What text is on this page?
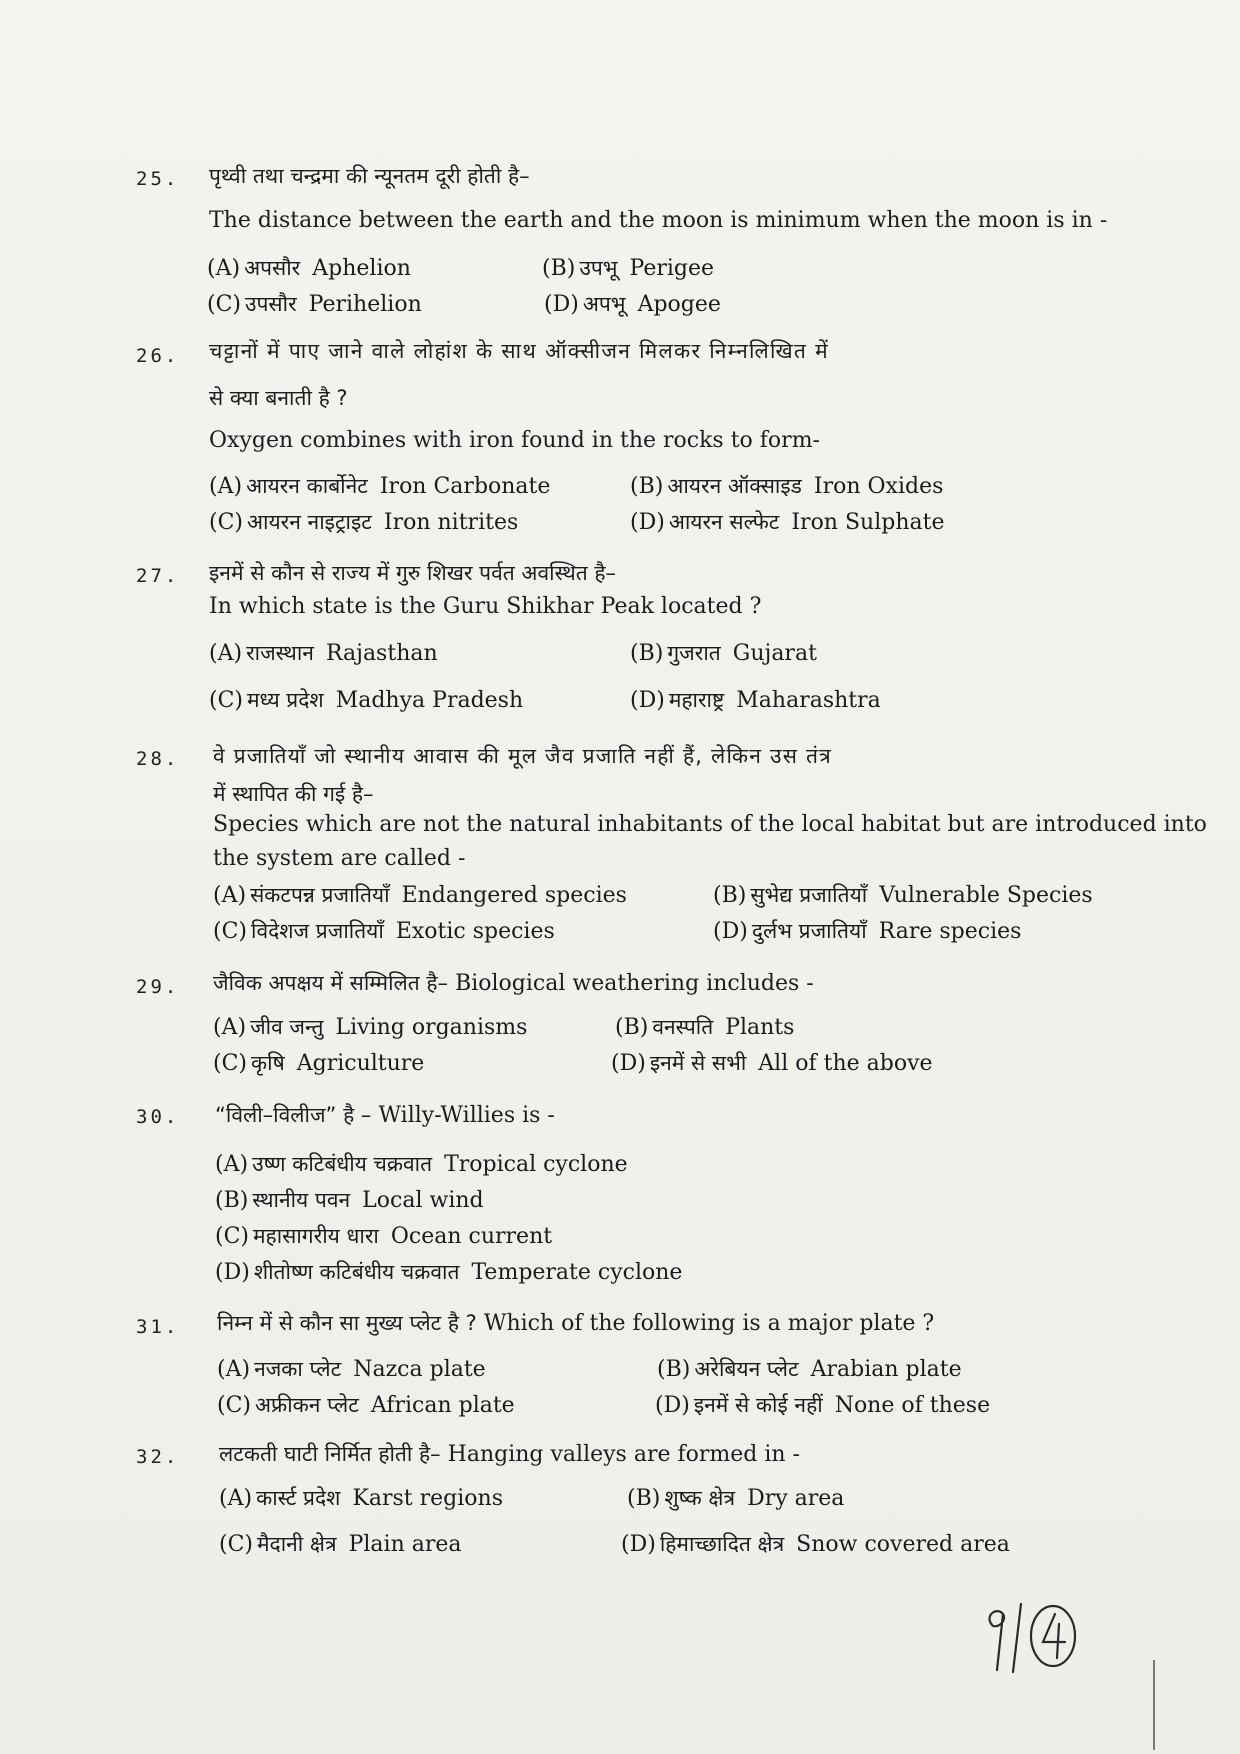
25.	पृथ्वी तथा चन्द्रमा की न्यूनतम दूरी होती है–
The distance between the earth and the moon is minimum when the moon is in -
(A) अपसौर Aphelion	(B) उपभू Perigee
(C) उपसौर Perihelion	(D) अपभू Apogee
26.	चट्टानों में पाए जाने वाले लोहांश के साथ ऑक्सीजन मिलकर निम्नलिखित में
से क्या बनाती है ?
Oxygen combines with iron found in the rocks to form-
(A) आयरन कार्बोनेट Iron Carbonate	(B) आयरन ऑक्साइड Iron Oxides
(C) आयरन नाइट्राइट Iron nitrites	(D) आयरन सल्फेट Iron Sulphate
27.	इनमें से कौन से राज्य में गुरु शिखर पर्वत अवस्थित है–
In which state is the Guru Shikhar Peak located ?
(A) राजस्थान Rajasthan	(B) गुजरात Gujarat
(C) मध्य प्रदेश Madhya Pradesh	(D) महाराष्ट्र Maharashtra
28.	वे प्रजातियाँ जो स्थानीय आवास की मूल जैव प्रजाति नहीं हैं, लेकिन उस तंत्र
में स्थापित की गई है–
Species which are not the natural inhabitants of the local habitat but are introduced into
the system are called -
(A) संकटपन्न प्रजातियाँ Endangered species	(B) सुभेद्य प्रजातियाँ Vulnerable Species
(C) विदेशज प्रजातियाँ Exotic species	(D) दुर्लभ प्रजातियाँ Rare species
29.	जैविक अपक्षय में सम्मिलित है– Biological weathering includes -
(A) जीव जन्तु Living organisms	(B) वनस्पति Plants
(C) कृषि Agriculture	(D) इनमें से सभी All of the above
30.	“विली–विलीज” है – Willy-Willies is -
(A) उष्ण कटिबंधीय चक्रवात Tropical cyclone
(B) स्थानीय पवन Local wind
(C) महासागरीय धारा Ocean current
(D) शीतोष्ण कटिबंधीय चक्रवात Temperate cyclone
31.	निम्न में से कौन सा मुख्य प्लेट है ? Which of the following is a major plate ?
(A) नजका प्लेट Nazca plate	(B) अरेबियन प्लेट Arabian plate
(C) अफ्रीकन प्लेट African plate	(D) इनमें से कोई नहीं None of these
32.	लटकती घाटी निर्मित होती है– Hanging valleys are formed in -
(A) कार्स्ट प्रदेश Karst regions	(B) शुष्क क्षेत्र Dry area
(C) मैदानी क्षेत्र Plain area	(D) हिमाच्छादित क्षेत्र Snow covered area
